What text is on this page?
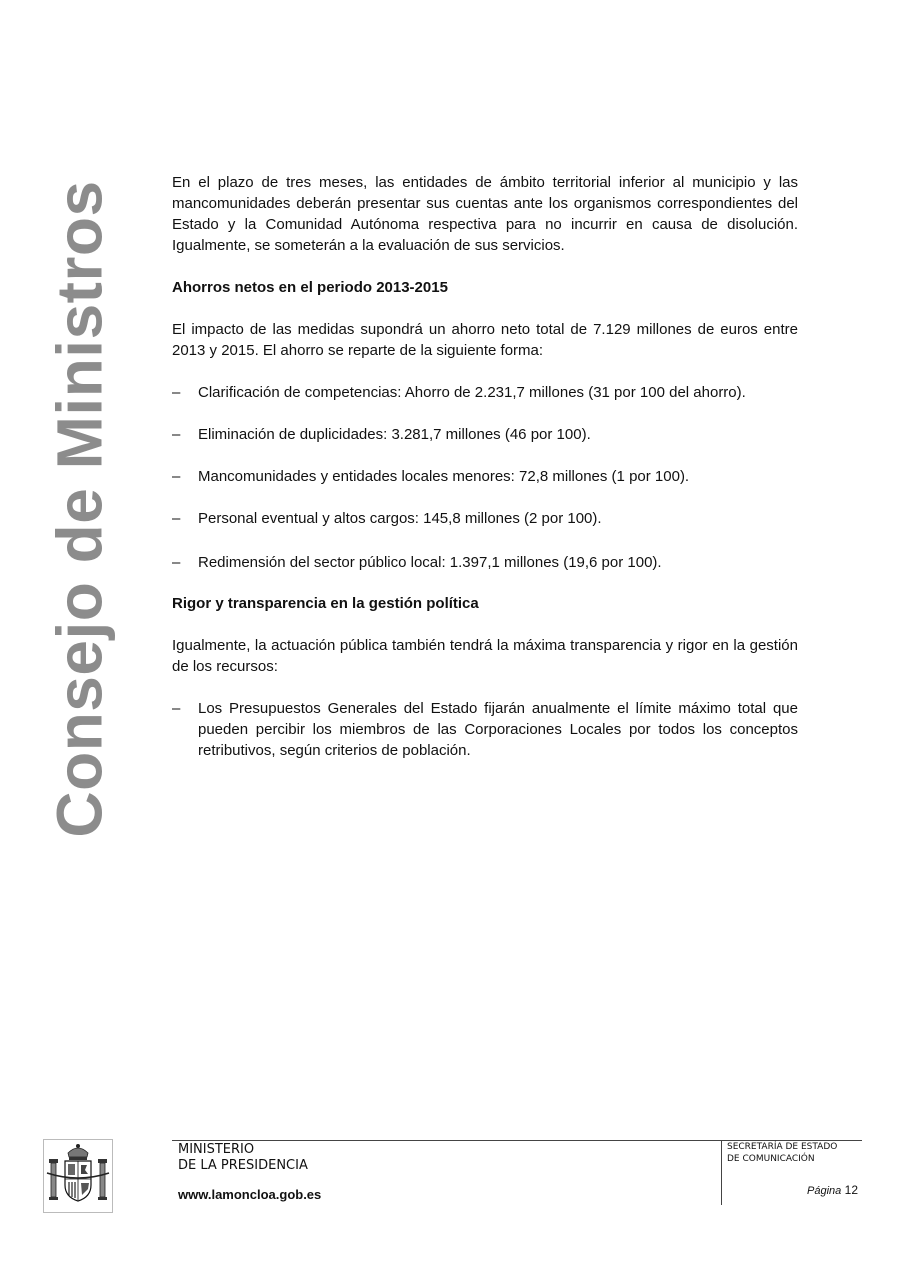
Consejo de Ministros	En el plazo de tres meses, las entidades de ámbito territorial inferior al municipio y las mancomunidades deberán presentar sus cuentas ante los organismos correspondientes del Estado y la Comunidad Autónoma respectiva para no incurrir en causa de disolución. Igualmente, se someterán a la evaluación de sus servicios.

Ahorros netos en el periodo 2013-2015

El impacto de las medidas supondrá un ahorro neto total de 7.129 millones de euros entre 2013 y 2015. El ahorro se reparte de la siguiente forma:

– Clarificación de competencias: Ahorro de 2.231,7 millones (31 por 100 del ahorro).

– Eliminación de duplicidades: 3.281,7 millones (46 por 100).

– Mancomunidades y entidades locales menores: 72,8 millones (1 por 100).

– Personal eventual y altos cargos: 145,8 millones (2 por 100).

– Redimensión del sector público local: 1.397,1 millones (19,6 por 100).

Rigor y transparencia en la gestión política

Igualmente, la actuación pública también tendrá la máxima transparencia y rigor en la gestión de los recursos:

– Los Presupuestos Generales del Estado fijarán anualmente el límite máximo total que pueden percibir los miembros de las Corporaciones Locales por todos los conceptos retributivos, según criterios de población.

MINISTERIO
DE LA PRESIDENCIA
www.lamoncloa.gob.es
SECRETARÍA DE ESTADO
DE COMUNICACIÓN
Página 12
